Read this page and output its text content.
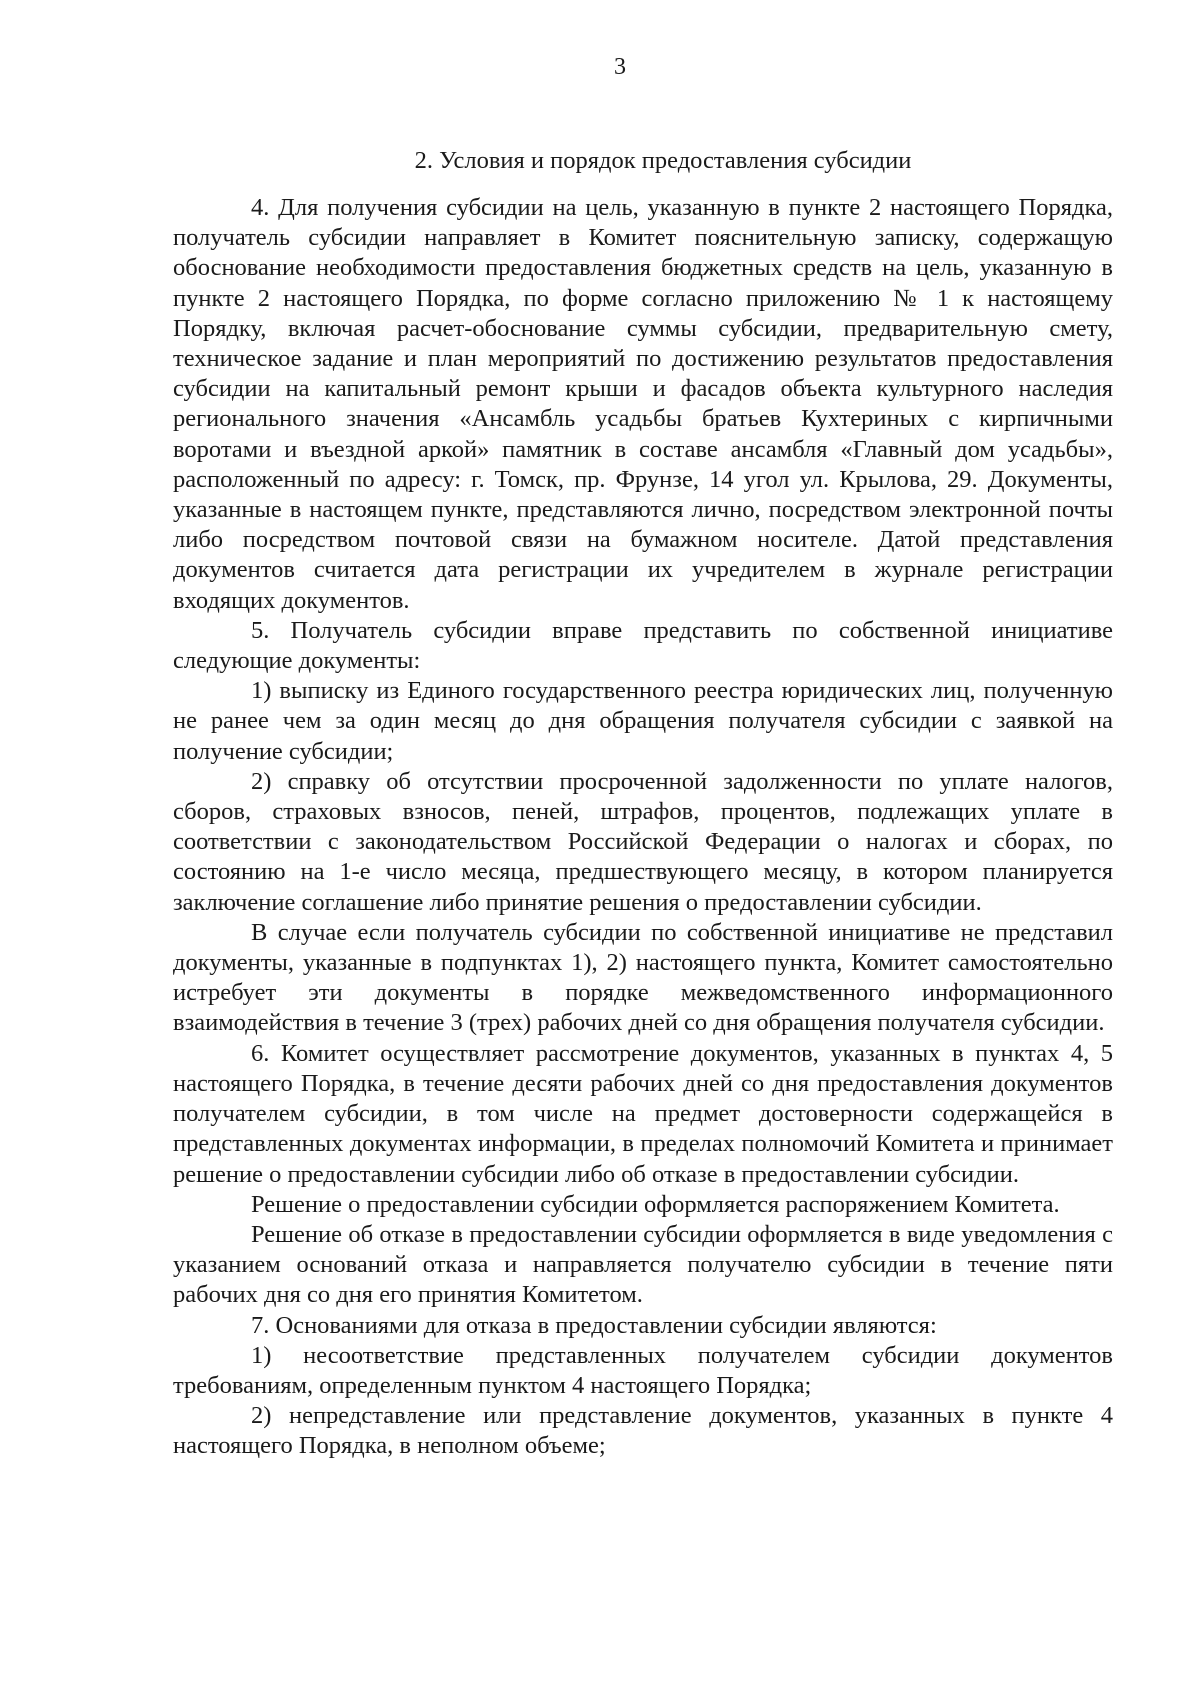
3
2. Условия и порядок предоставления субсидии

4. Для получения субсидии на цель, указанную в пункте 2 настоящего Порядка, получатель субсидии направляет в Комитет пояснительную записку, содержащую обоснование необходимости предоставления бюджетных средств на цель, указанную в пункте 2 настоящего Порядка, по форме согласно приложению № 1 к настоящему Порядку, включая расчет-обоснование суммы субсидии, предварительную смету, техническое задание и план мероприятий по достижению результатов предоставления субсидии на капитальный ремонт крыши и фасадов объекта культурного наследия регионального значения «Ансамбль усадьбы братьев Кухтериных с кирпичными воротами и въездной аркой» памятник в составе ансамбля «Главный дом усадьбы», расположенный по адресу: г. Томск, пр. Фрунзе, 14 угол ул. Крылова, 29. Документы, указанные в настоящем пункте, представляются лично, посредством электронной почты либо посредством почтовой связи на бумажном носителе. Датой представления документов считается дата регистрации их учредителем в журнале регистрации входящих документов.

5. Получатель субсидии вправе представить по собственной инициативе следующие документы:

1) выписку из Единого государственного реестра юридических лиц, полученную не ранее чем за один месяц до дня обращения получателя субсидии с заявкой на получение субсидии;

2) справку об отсутствии просроченной задолженности по уплате налогов, сборов, страховых взносов, пеней, штрафов, процентов, подлежащих уплате в соответствии с законодательством Российской Федерации о налогах и сборах, по состоянию на 1-е число месяца, предшествующего месяцу, в котором планируется заключение соглашение либо принятие решения о предоставлении субсидии.

В случае если получатель субсидии по собственной инициативе не представил документы, указанные в подпунктах 1), 2) настоящего пункта, Комитет самостоятельно истребует эти документы в порядке межведомственного информационного взаимодействия в течение 3 (трех) рабочих дней со дня обращения получателя субсидии.

6. Комитет осуществляет рассмотрение документов, указанных в пунктах 4, 5 настоящего Порядка, в течение десяти рабочих дней со дня предоставления документов получателем субсидии, в том числе на предмет достоверности содержащейся в представленных документах информации, в пределах полномочий Комитета и принимает решение о предоставлении субсидии либо об отказе в предоставлении субсидии.

Решение о предоставлении субсидии оформляется распоряжением Комитета.

Решение об отказе в предоставлении субсидии оформляется в виде уведомления с указанием оснований отказа и направляется получателю субсидии в течение пяти рабочих дня со дня его принятия Комитетом.

7. Основаниями для отказа в предоставлении субсидии являются:

1) несоответствие представленных получателем субсидии документов требованиям, определенным пунктом 4 настоящего Порядка;

2) непредставление или представление документов, указанных в пункте 4 настоящего Порядка, в неполном объеме;
